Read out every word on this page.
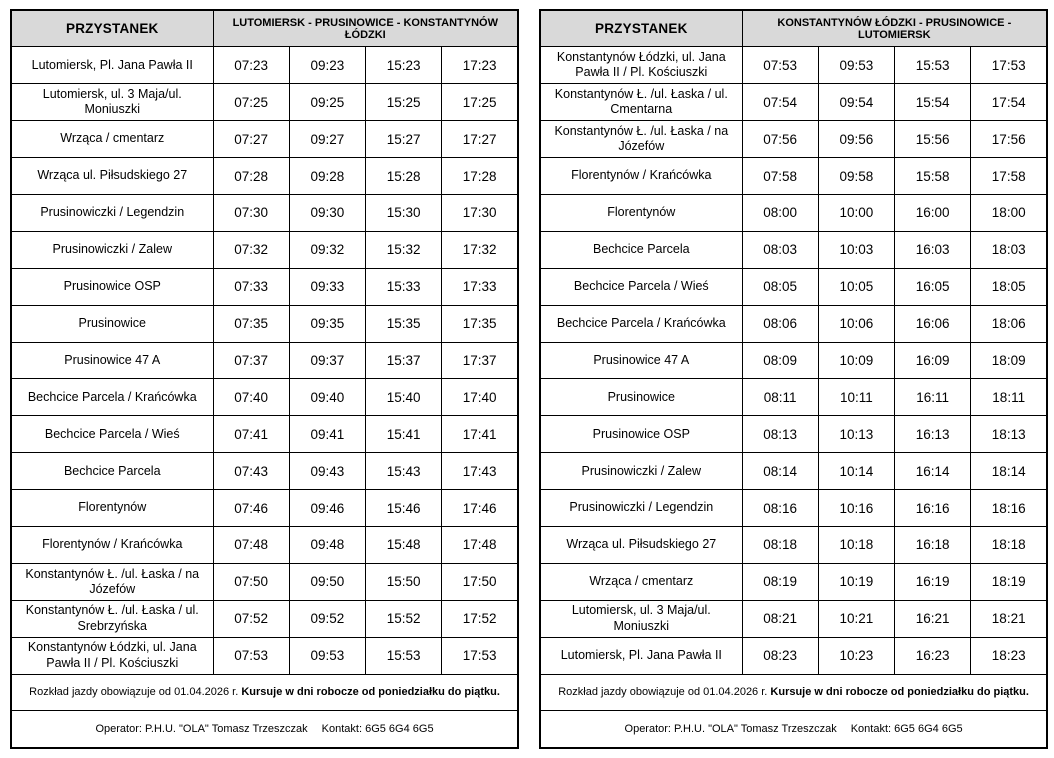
PRZYSTANEK	LUTOMIERSK - PRUSINOWICE - KONSTANTYNÓW ŁÓDZKI			
Lutomiersk, Pl. Jana Pawła II	07:23	09:23	15:23	17:23
Lutomiersk, ul. 3 Maja/ul. Moniuszki	07:25	09:25	15:25	17:25
Wrząca / cmentarz	07:27	09:27	15:27	17:27
Wrząca ul. Piłsudskiego 27	07:28	09:28	15:28	17:28
Prusinowiczki / Legendzin	07:30	09:30	15:30	17:30
Prusinowiczki / Zalew	07:32	09:32	15:32	17:32
Prusinowice OSP	07:33	09:33	15:33	17:33
Prusinowice	07:35	09:35	15:35	17:35
Prusinowice 47 A	07:37	09:37	15:37	17:37
Bechcice Parcela / Krańcówka	07:40	09:40	15:40	17:40
Bechcice Parcela / Wieś	07:41	09:41	15:41	17:41
Bechcice Parcela	07:43	09:43	15:43	17:43
Florentynów	07:46	09:46	15:46	17:46
Florentynów / Krańcówka	07:48	09:48	15:48	17:48
Konstantynów Ł. /ul. Łaska / na Józefów	07:50	09:50	15:50	17:50
Konstantynów Ł. /ul. Łaska / ul. Srebrzyńska	07:52	09:52	15:52	17:52
Konstantynów Łódzki, ul. Jana Pawła II / Pl. Kościuszki	07:53	09:53	15:53	17:53
Rozkład jazdy obowiązuje od 01.04.2026 r. Kursuje w dni robocze od poniedziałku do piątku.				
Operator: P.H.U. "OLA" Tomasz Trzeszczak Kontakt: 6G5 6G4 6G5				
PRZYSTANEK	KONSTANTYNÓW ŁÓDZKI - PRUSINOWICE - LUTOMIERSK			
Konstantynów Łódzki, ul. Jana Pawła II / Pl. Kościuszki	07:53	09:53	15:53	17:53
Konstantynów Ł. /ul. Łaska / ul. Cmentarna	07:54	09:54	15:54	17:54
Konstantynów Ł. /ul. Łaska / na Józefów	07:56	09:56	15:56	17:56
Florentynów / Krańcówka	07:58	09:58	15:58	17:58
Florentynów	08:00	10:00	16:00	18:00
Bechcice Parcela	08:03	10:03	16:03	18:03
Bechcice Parcela / Wieś	08:05	10:05	16:05	18:05
Bechcice Parcela / Krańcówka	08:06	10:06	16:06	18:06
Prusinowice 47 A	08:09	10:09	16:09	18:09
Prusinowice	08:11	10:11	16:11	18:11
Prusinowice OSP	08:13	10:13	16:13	18:13
Prusinowiczki / Zalew	08:14	10:14	16:14	18:14
Prusinowiczki / Legendzin	08:16	10:16	16:16	18:16
Wrząca ul. Piłsudskiego 27	08:18	10:18	16:18	18:18
Wrząca / cmentarz	08:19	10:19	16:19	18:19
Lutomiersk, ul. 3 Maja/ul. Moniuszki	08:21	10:21	16:21	18:21
Lutomiersk, Pl. Jana Pawła II	08:23	10:23	16:23	18:23
Rozkład jazdy obowiązuje od 01.04.2026 r. Kursuje w dni robocze od poniedziałku do piątku.				
Operator: P.H.U. "OLA" Tomasz Trzeszczak Kontakt: 6G5 6G4 6G5				
